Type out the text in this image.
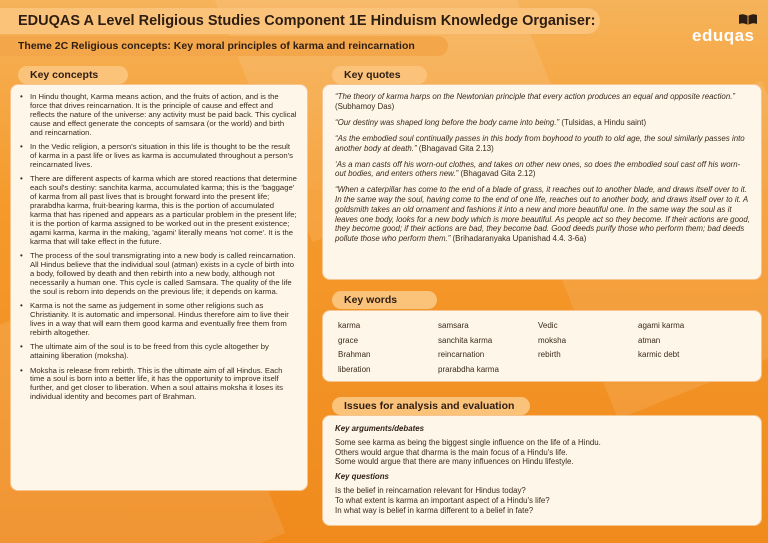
EDUQAS A Level Religious Studies Component 1E Hinduism Knowledge Organiser:
Theme 2C Religious concepts: Key moral principles of karma and reincarnation
eduqas
Key concepts
• In Hindu thought, Karma means action, and the fruits of action, and is the force that drives reincarnation. It is the principle of cause and effect and reflects the nature of the universe: any activity must be paid back. This cyclical cause and effect generate the concepts of samsara (or the world) and birth and reincarnation.
• In the Vedic religion, a person's situation in this life is thought to be the result of karma in a past life or lives as karma is accumulated throughout a person's reincarnated lives.
• There are different aspects of karma which are stored reactions that determine each soul's destiny: sanchita karma, accumulated karma; this is the 'baggage' of karma from all past lives that is brought forward into the present life; prarabdha karma, fruit-bearing karma, this is the portion of accumulated karma that has ripened and appears as a particular problem in the present life; it is the portion of karma assigned to be worked out in the present existence; agami karma, karma in the making, 'agami' literally means 'not come'. It is the karma that will take effect in the future.
• The process of the soul transmigrating into a new body is called reincarnation. All Hindus believe that the individual soul (atman) exists in a cycle of birth into a body, followed by death and then rebirth into a new body, although not necessarily a human one. This cycle is called Samsara. The quality of the life the soul is reborn into depends on the previous life; it depends on karma.
• Karma is not the same as judgement in some other religions such as Christianity. It is automatic and impersonal. Hindus therefore aim to live their lives in a way that will earn them good karma and eventually free them from rebirth altogether.
• The ultimate aim of the soul is to be freed from this cycle altogether by attaining liberation (moksha).
• Moksha is release from rebirth. This is the ultimate aim of all Hindus. Each time a soul is born into a better life, it has the opportunity to improve itself further, and get closer to liberation. When a soul attains moksha it loses its individual identity and becomes part of Brahman.
Key quotes

“The theory of karma harps on the Newtonian principle that every action produces an equal and opposite reaction.” (Subhamoy Das)

“Our destiny was shaped long before the body came into being.” (Tulsidas, a Hindu saint)

“As the embodied soul continually passes in this body from boyhood to youth to old age, the soul similarly passes into another body at death.” (Bhagavad Gita 2.13)

‘As a man casts off his worn-out clothes, and takes on other new ones, so does the embodied soul cast off his worn-out bodies, and enters others new.” (Bhagavad Gita 2.12)

“When a caterpillar has come to the end of a blade of grass, it reaches out to another blade, and draws itself over to it. In the same way the soul, having come to the end of one life, reaches out to another body, and draws itself over to it. A goldsmith takes an old ornament and fashions it into a new and more beautiful one. In the same way the soul as it leaves one body, looks for a new body which is more beautiful. As people act so they become. If their actions are good, they become good; if their actions are bad, they become bad. Good deeds purify those who perform them; bad deeds pollute those who perform them.” (Brihadaranyaka Upanishad 4.4. 3-6a)

Key words
karma	samsara	Vedic	agami karma
grace	sanchita karma	moksha	atman
Brahman	reincarnation	rebirth	karmic debt
liberation	prarabdha karma
Issues for analysis and evaluation
Key arguments/debates

Some see karma as being the biggest single influence on the life of a Hindu.

Others would argue that dharma is the main focus of a Hindu's life.

Some would argue that there are many influences on Hindu lifestyle.

Key questions

Is the belief in reincarnation relevant for Hindus today?

To what extent is karma an important aspect of a Hindu's life?

In what way is belief in karma different to a belief in fate?
